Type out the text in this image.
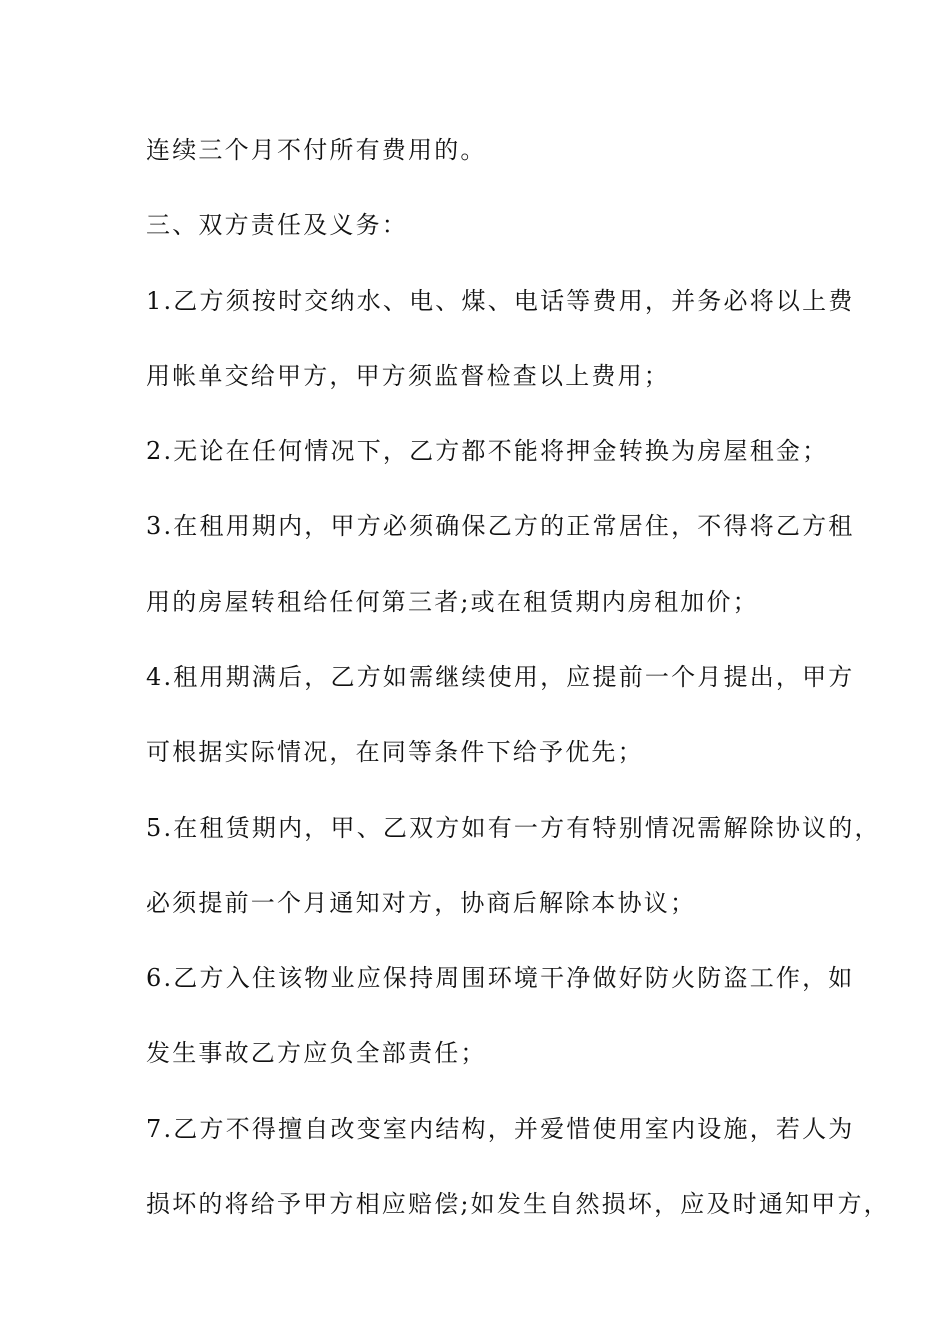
连续三个月不付所有费用的。
三、双方责任及义务：
1.乙方须按时交纳水、电、煤、电话等费用，并务必将以上费
用帐单交给甲方，甲方须监督检查以上费用；
2.无论在任何情况下，乙方都不能将押金转换为房屋租金；
3.在租用期内，甲方必须确保乙方的正常居住，不得将乙方租
用的房屋转租给任何第三者;或在租赁期内房租加价；
4.租用期满后，乙方如需继续使用，应提前一个月提出，甲方
可根据实际情况，在同等条件下给予优先；
5.在租赁期内，甲、乙双方如有一方有特别情况需解除协议的，
必须提前一个月通知对方，协商后解除本协议；
6.乙方入住该物业应保持周围环境干净做好防火防盗工作，如
发生事故乙方应负全部责任；
7.乙方不得擅自改变室内结构，并爱惜使用室内设施，若人为
损坏的将给予甲方相应赔偿;如发生自然损坏，应及时通知甲方，
